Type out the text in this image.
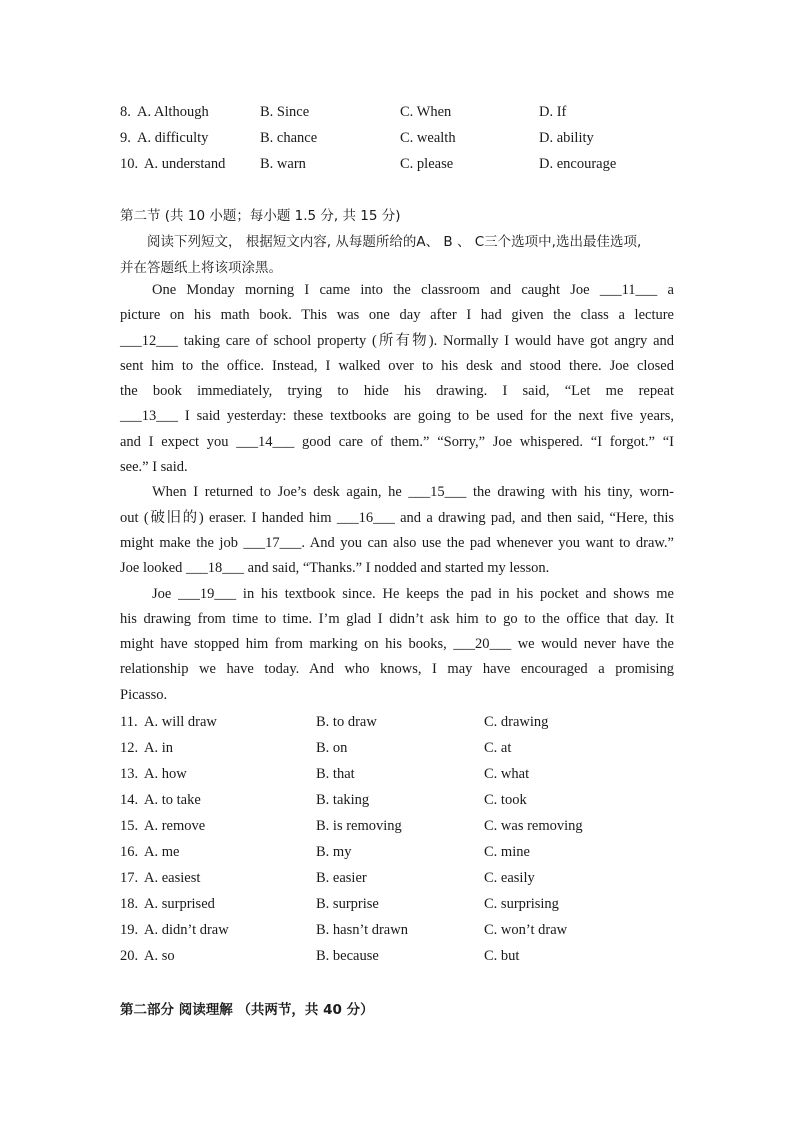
8. A. Although	B. Since	C. When	D. If
9. A. difficulty	B. chance	C. wealth	D. ability
10. A. understand B. warn	C. please	D. encourage
第二节 (共 10 小题；每小题 1.5 分, 共 15 分)
阅读下列短文， 根据短文内容, 从每题所给的A、 B 、 C三个选项中,选出最佳选项,
并在答题纸上将该项涂黑。
One Monday morning I came into the classroom and caught Joe ___11___ a
picture on his math book. This was one day after I had given the class a lecture
___12___ taking care of school property (所有物). Normally I would have got angry and
sent him to the office. Instead, I walked over to his desk and stood there. Joe closed
the book immediately, trying to hide his drawing. I said, “Let me repeat
___13___ I said yesterday: these textbooks are going to be used for the next five years,
and I expect you ___14___ good care of them.” “Sorry,” Joe whispered. “I forgot.” “I
see.” I said.
When I returned to Joe’s desk again, he ___15___ the drawing with his tiny, worn-
out (破旧的) eraser. I handed him ___16___ and a drawing pad, and then said, “Here, this
might make the job ___17___. And you can also use the pad whenever you want to draw.”
Joe looked ___18___ and said, “Thanks.” I nodded and started my lesson.
Joe ___19___ in his textbook since. He keeps the pad in his pocket and shows me
his drawing from time to time. I’m glad I didn’t ask him to go to the office that day. It
might have stopped him from marking on his books, ___20___ we would never have the
relationship we have today. And who knows, I may have encouraged a promising
Picasso.
11. A. will draw	B. to draw	C. drawing
12. A. in	B. on	C. at
13. A. how	B. that	C. what
14. A. to take	B. taking	C. took
15. A. remove	B. is removing	C. was removing
16. A. me	B. my	C. mine
17. A. easiest	B. easier	C. easily
18. A. surprised	B. surprise	C. surprising
19. A. didn’t draw	B. hasn’t drawn	C. won’t draw
20. A. so	B. because	C. but
第二部分 阅读理解 （共两节，共 40 分）
